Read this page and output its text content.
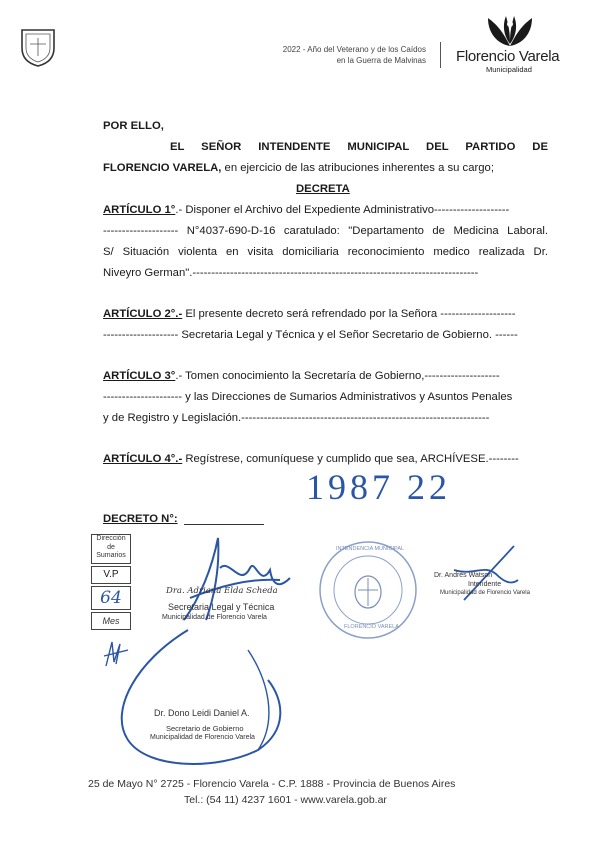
2022 - Año del Veterano y de los Caídos
en la Guerra de Malvinas Florencio Varela
Municipalidad
POR ELLO,
EL SEÑOR INTENDENTE MUNICIPAL DEL PARTIDO DE
FLORENCIO VARELA, en ejercicio de las atribuciones inherentes a su cargo;
DECRETA
ARTÍCULO 1°.- Disponer el Archivo del Expediente Administrativo--------------------
-------------------- N°4037-690-D-16 caratulado: "Departamento de Medicina Laboral.
S/ Situación violenta en visita domiciliaria reconocimiento medico realizada Dr.
Niveyro German".----------------------------------------------------------------------------
ARTÍCULO 2°.- El presente decreto será refrendado por la Señora --------------------
-------------------- Secretaria Legal y Técnica y el Señor Secretario de Gobierno. ------
ARTÍCULO 3°.- Tomen conocimiento la Secretaría de Gobierno,--------------------
--------------------- y las Direcciones de Sumarios Administrativos y Asuntos Penales
y de Registro y Legislación.------------------------------------------------------------------
ARTÍCULO 4°.- Regístrese, comuníquese y cumplido que sea, ARCHÍVESE.--------
1987 22
DECRETO N°:
Dirección
de
Sumarios
V.P
64
Mes
Dra. Adriana Elda Scheda
Secretaria Legal y Técnica
Municipalidad de Florencio Varela
INTENDENCIA MUNICIPAL
FLORENCIO VARELA
Dr. Andrés Watson
Intendente
Municipalidad de Florencio Varela
Dr. Dono Leidi Daniel A.
Secretario de Gobierno
Municipalidad de Florencio Varela
25 de Mayo N° 2725 - Florencio Varela - C.P. 1888 - Provincia de Buenos Aires
Tel.: (54 11) 4237 1601 - www.varela.gob.ar
